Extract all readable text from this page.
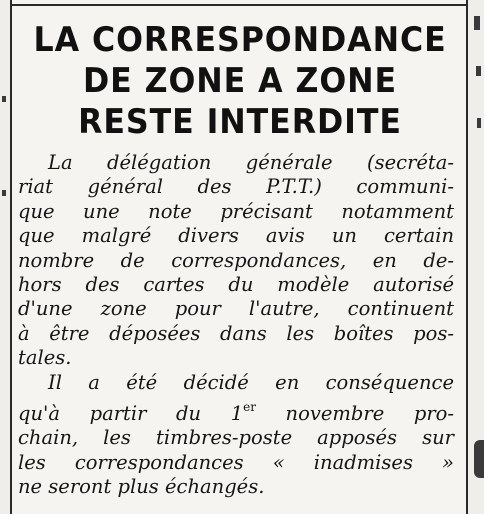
LA CORRESPONDANCE
DE ZONE A ZONE
RESTE INTERDITE
La délégation générale (secréta-
riat général des P.T.T.) communi-
que une note précisant notamment
que malgré divers avis un certain
nombre de correspondances, en de-
hors des cartes du modèle autorisé
d'une zone pour l'autre, continuent
à être déposées dans les boîtes pos-
tales.
Il a été décidé en conséquence
qu'à partir du 1er novembre pro-
chain, les timbres-poste apposés sur
les correspondances « inadmises »
ne seront plus échangés.
